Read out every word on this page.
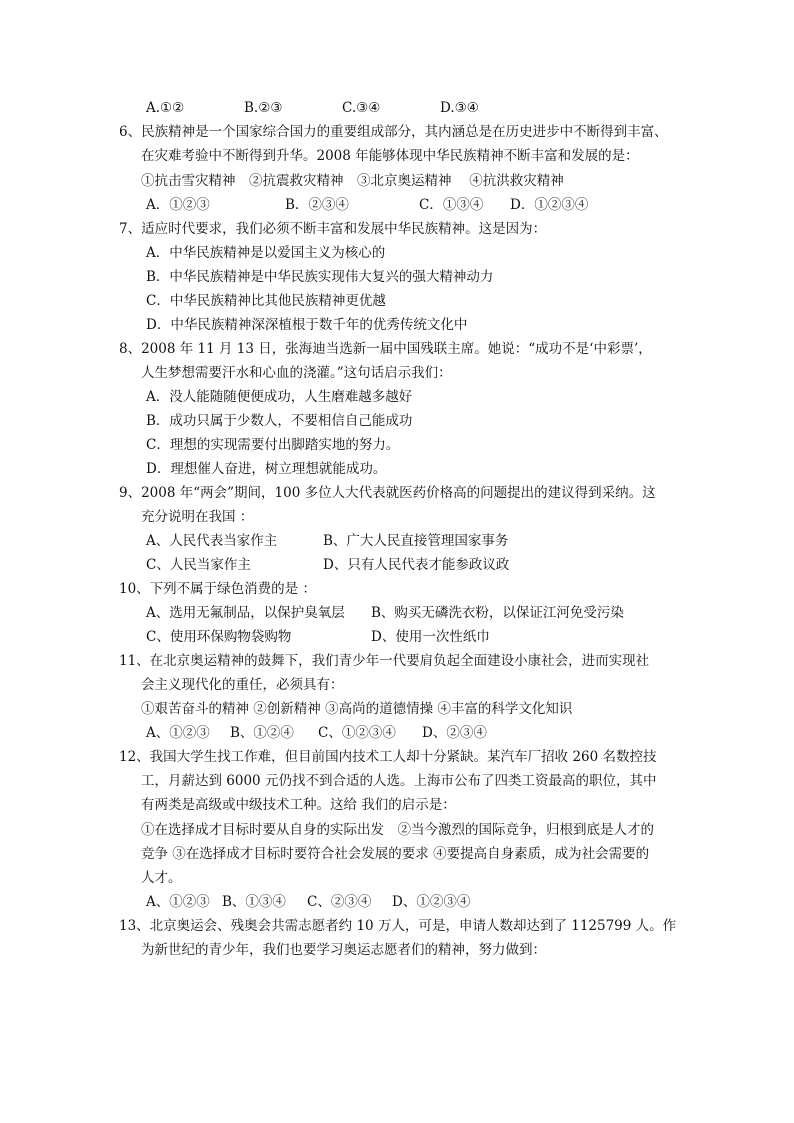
A.①②	B.②③	C.③④	D.③④
6、民族精神是一个国家综合国力的重要组成部分，其内涵总是在历史进步中不断得到丰富、
在灾难考验中不断得到升华。2008 年能够体现中华民族精神不断丰富和发展的是：
①抗击雪灾精神　②抗震救灾精神　③北京奥运精神　 ④抗洪救灾精神
A．①②③	B．②③④	C．①③④ D．①②③④
7、适应时代要求，我们必须不断丰富和发展中华民族精神。这是因为：
A．中华民族精神是以爱国主义为核心的
B．中华民族精神是中华民族实现伟大复兴的强大精神动力
C．中华民族精神比其他民族精神更优越
D．中华民族精神深深植根于数千年的优秀传统文化中
8、2008 年 11 月 13 日，张海迪当选新一届中国残联主席。她说：“成功不是‘中彩票’，
人生梦想需要汗水和心血的浇灌。”这句话启示我们：
A．没人能随随便便成功，人生磨难越多越好
B．成功只属于少数人，不要相信自己能成功
C．理想的实现需要付出脚踏实地的努力。
D．理想催人奋进，树立理想就能成功。
9、2008 年“两会”期间，100 多位人大代表就医药价格高的问题提出的建议得到采纳。这
充分说明在我国 ：
A、人民代表当家作主	B、广大人民直接管理国家事务
C、人民当家作主	D、只有人民代表才能参政议政
10、下列不属于绿色消费的是 ：
A、选用无氟制品，以保护臭氧层 B、购买无磷洗衣粉，以保证江河免受污染
C、使用环保购物袋购物	D、使用一次性纸巾
11、在北京奥运精神的鼓舞下，我们青少年一代要肩负起全面建设小康社会，进而实现社
会主义现代化的重任，必须具有：
①艰苦奋斗的精神 ②创新精神 ③高尚的道德情操 ④丰富的科学文化知识
A、①②③ B、①②④ C、①②③④ D、②③④
12、我国大学生找工作难，但目前国内技术工人却十分紧缺。某汽车厂招收 260 名数控技
工，月薪达到 6000 元仍找不到合适的人选。上海市公布了四类工资最高的职位，其中
有两类是高级或中级技术工种。这给 我们的启示是：
①在选择成才目标时要从自身的实际出发　②当今激烈的国际竞争，归根到底是人才的
竞争 ③在选择成才目标时要符合社会发展的要求 ④要提高自身素质，成为社会需要的
人才。
A、①②③ B、①③④ C、②③④ D、①②③④
13、北京奥运会、残奥会共需志愿者约 10 万人，可是，申请人数却达到了 1125799 人。作
为新世纪的青少年，我们也要学习奥运志愿者们的精神，努力做到：
